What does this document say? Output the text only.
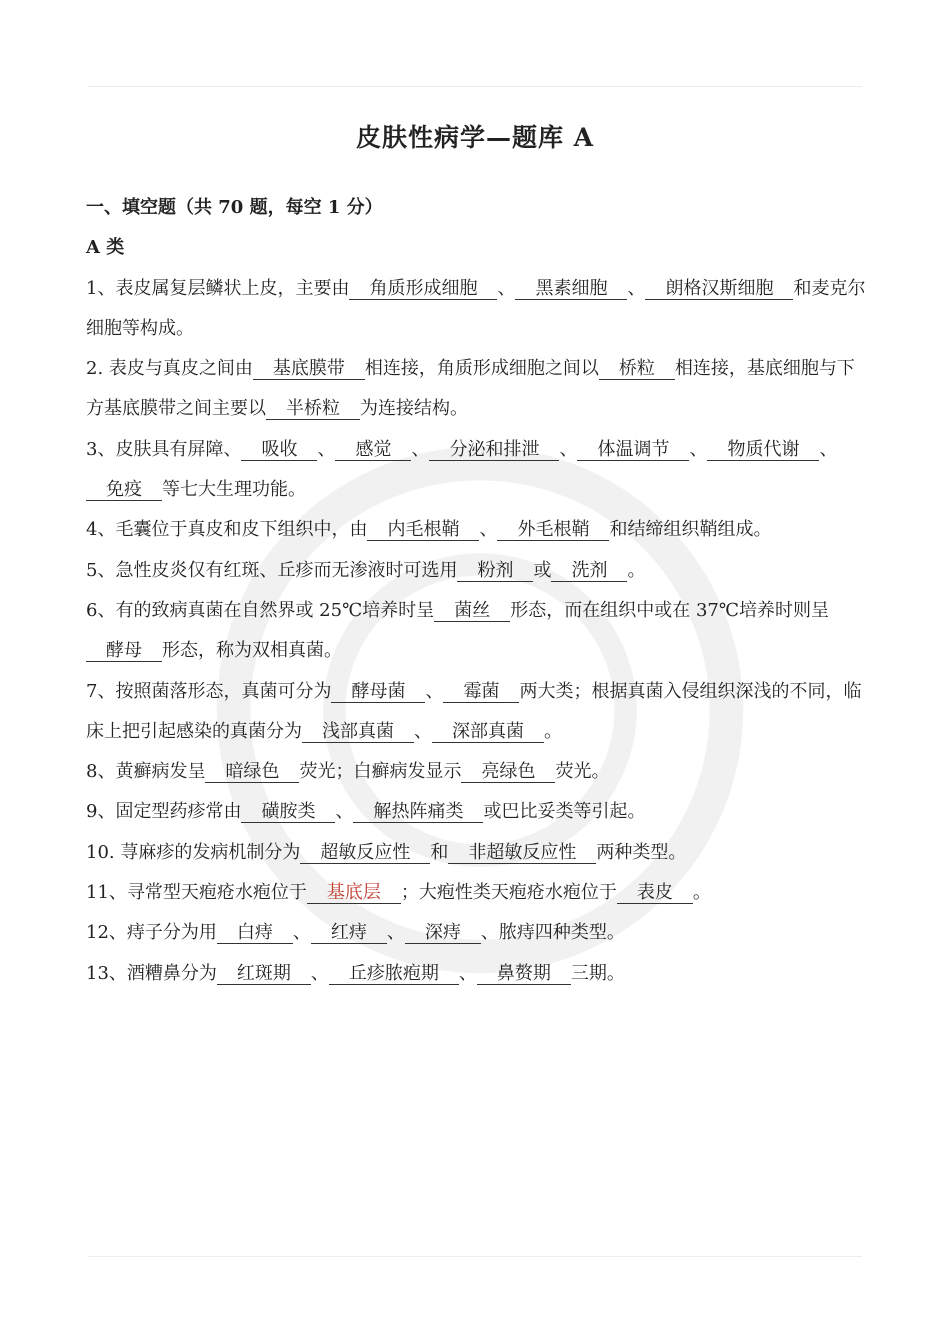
皮肤性病学—题库 A
一、填空题（共 70 题，每空 1 分）
A 类

1、表皮属复层鳞状上皮，主要由 角质形成细胞 、 黑素细胞 、 朗格汉斯细胞 和麦克尔细胞等构成。

2. 表皮与真皮之间由 基底膜带 相连接，角质形成细胞之间以 桥粒 相连接，基底细胞与下方基底膜带之间主要以 半桥粒 为连接结构。

3、皮肤具有屏障、 吸收 、 感觉 、 分泌和排泄 、 体温调节 、 物质代谢 、免疫 等七大生理功能。

4、毛囊位于真皮和皮下组织中，由 内毛根鞘 、 外毛根鞘 和结缔组织鞘组成。

5、急性皮炎仅有红斑、丘疹而无渗液时可选用 粉剂 或 洗剂 。

6、有的致病真菌在自然界或 25℃培养时呈 菌丝 形态，而在组织中或在 37℃培养时则呈酵母 形态，称为双相真菌。

7、按照菌落形态，真菌可分为 酵母菌 、 霉菌 两大类；根据真菌入侵组织深浅的不同，临床上把引起感染的真菌分为 浅部真菌 、 深部真菌 。

8、黄癣病发呈 暗绿色 荧光；白癣病发显示 亮绿色 荧光。

9、固定型药疹常由 磺胺类 、 解热阵痛类 或巴比妥类等引起。

10. 荨麻疹的发病机制分为 超敏反应性 和 非超敏反应性 两种类型。

11、寻常型天疱疮水疱位于 基底层 ；大疱性类天疱疮水疱位于 表皮 。

12、痔子分为用 白痔 、 红痔 、 深痔 、脓痔四种类型。

13、酒糟鼻分为 红斑期 、 丘疹脓疱期 、 鼻赘期 三期。
